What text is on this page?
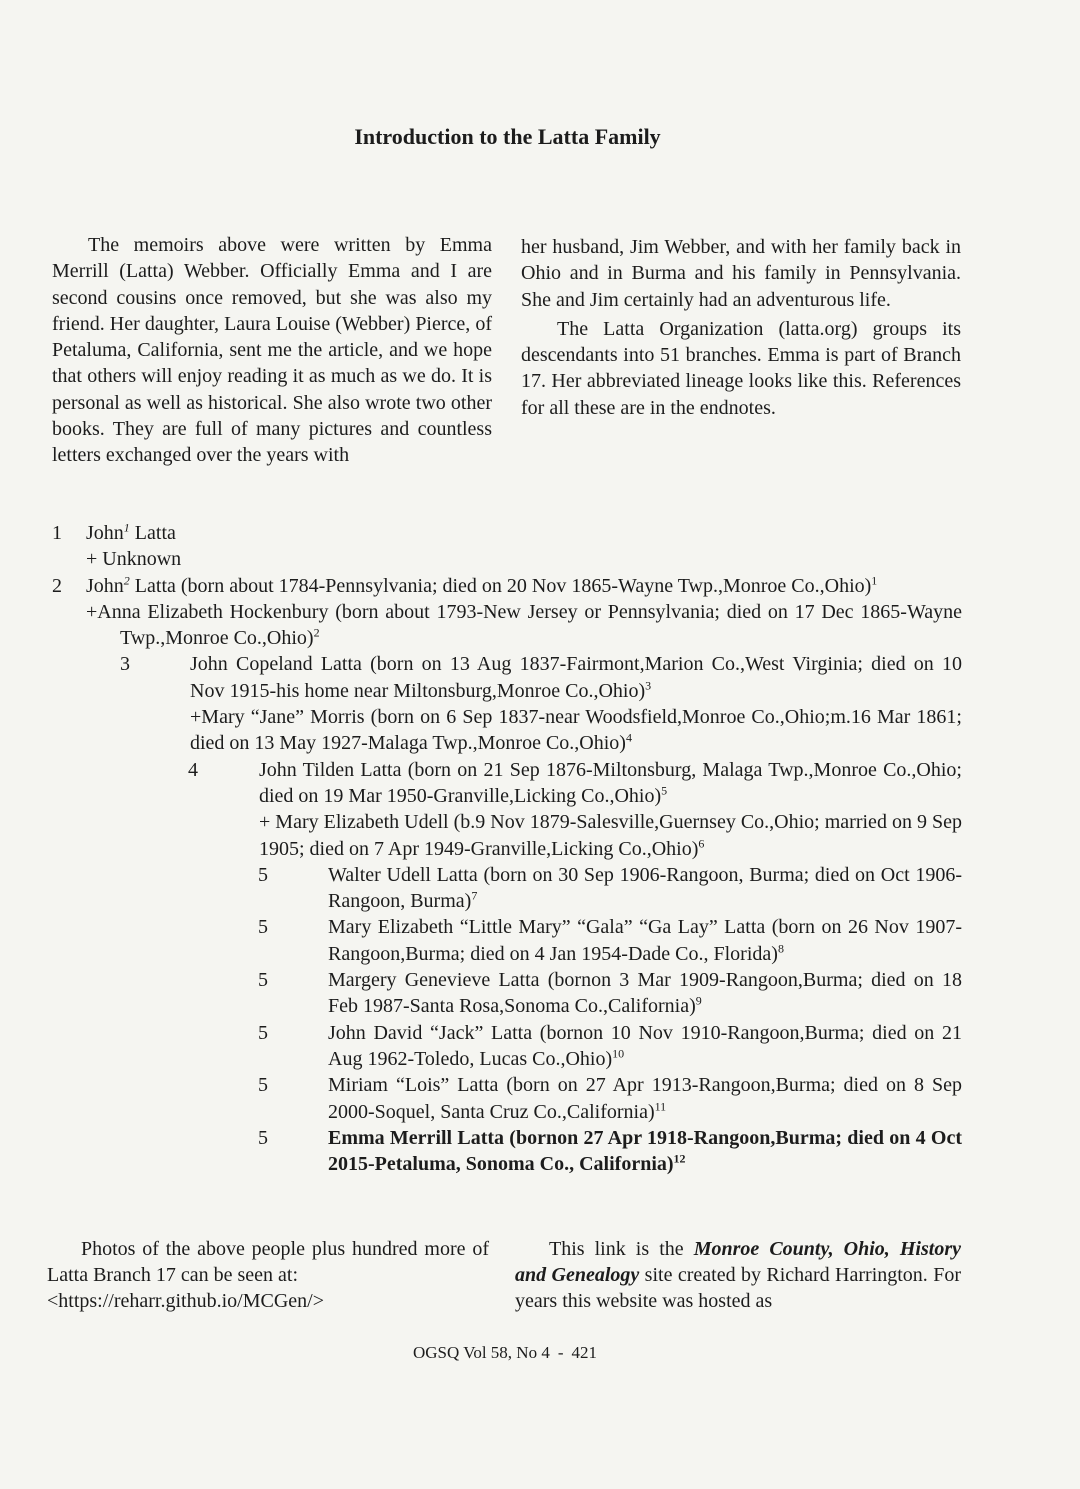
Introduction to the Latta Family

The memoirs above were written by Emma Merrill (Latta) Webber. Officially Emma and I are second cousins once removed, but she was also my friend. Her daughter, Laura Louise (Webber) Pierce, of Petaluma, California, sent me the article, and we hope that others will enjoy reading it as much as we do. It is personal as well as historical. She also wrote two other books. They are full of many pictures and countless letters exchanged over the years with

her husband, Jim Webber, and with her family back in Ohio and in Burma and his family in Pennsylvania. She and Jim certainly had an adventurous life.

The Latta Organization (latta.org) groups its descendants into 51 branches. Emma is part of Branch 17. Her abbreviated lineage looks like this. References for all these are in the endnotes.

1 John$^1$ Latta
+ Unknown
2 John$^2$ Latta (born about 1784-Pennsylvania; died on 20 Nov 1865-Wayne Twp.,Monroe Co.,Ohio)$^1$
+Anna Elizabeth Hockenbury (born about 1793-New Jersey or Pennsylvania; died on 17 Dec 1865-Wayne Twp.,Monroe Co.,Ohio)$^2$
3	John Copeland Latta (born on 13 Aug 1837-Fairmont,Marion Co.,West Virginia; died on 10 Nov 1915-his home near Miltonsburg,Monroe Co.,Ohio)$^3$
+Mary “Jane” Morris (born on 6 Sep 1837-near Woodsfield,Monroe Co.,Ohio;m.16 Mar 1861; died on 13 May 1927-Malaga Twp.,Monroe Co.,Ohio)$^4$
4	John Tilden Latta (born on 21 Sep 1876-Miltonsburg, Malaga Twp.,Monroe Co.,Ohio; died on 19 Mar 1950-Granville,Licking Co.,Ohio)$^5$
+ Mary Elizabeth Udell (b.9 Nov 1879-Salesville,Guernsey Co.,Ohio; married on 9 Sep 1905; died on 7 Apr 1949-Granville,Licking Co.,Ohio)$^6$
5	Walter Udell Latta (born on 30 Sep 1906-Rangoon, Burma; died on Oct 1906-Rangoon, Burma)$^7$
5	Mary Elizabeth “Little Mary” “Gala” “Ga Lay” Latta (born on 26 Nov 1907-Rangoon,Burma; died on 4 Jan 1954-Dade Co., Florida)$^8$
5	Margery Genevieve Latta (bornon 3 Mar 1909-Rangoon,Burma; died on 18 Feb 1987-Santa Rosa,Sonoma Co.,California)$^9$
5	John David “Jack” Latta (bornon 10 Nov 1910-Rangoon,Burma; died on 21 Aug 1962-Toledo, Lucas Co.,Ohio)$^{10}$
5	Miriam “Lois” Latta (born on 27 Apr 1913-Rangoon,Burma; died on 8 Sep 2000-Soquel, Santa Cruz Co.,California)$^{11}$
5	Emma Merrill Latta (bornon 27 Apr 1918-Rangoon,Burma; died on 4 Oct 2015-Petaluma, Sonoma Co., California)$^{12}$
Photos of the above people plus hundred more of Latta Branch 17 can be seen at:
<https://reharr.github.io/MCGen/>
This link is the Monroe County, Ohio, History and Genealogy site created by Richard Harrington. For years this website was hosted as
OGSQ Vol 58, No 4 - 421
